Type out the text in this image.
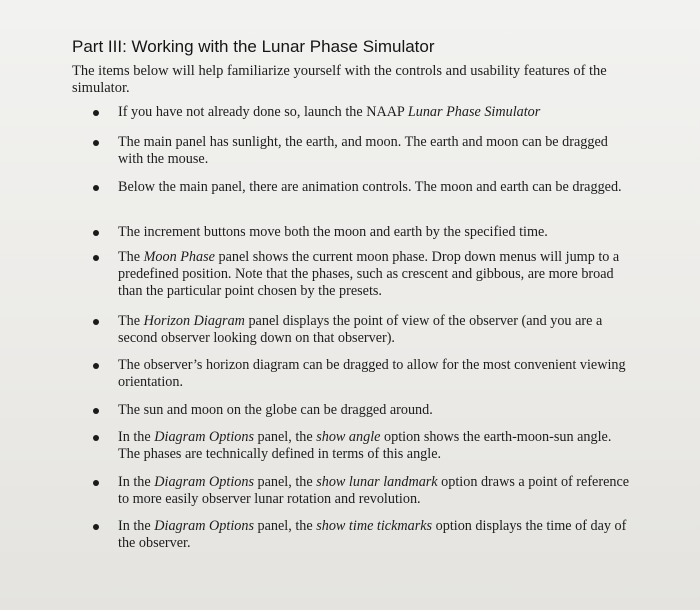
Part III: Working with the Lunar Phase Simulator
The items below will help familiarize yourself with the controls and usability features of the simulator.
If you have not already done so, launch the NAAP Lunar Phase Simulator
The main panel has sunlight, the earth, and moon. The earth and moon can be dragged with the mouse.
Below the main panel, there are animation controls. The moon and earth can be dragged.
The increment buttons move both the moon and earth by the specified time.
The Moon Phase panel shows the current moon phase. Drop down menus will jump to a predefined position. Note that the phases, such as crescent and gibbous, are more broad than the particular point chosen by the presets.
The Horizon Diagram panel displays the point of view of the observer (and you are a second observer looking down on that observer).
The observer’s horizon diagram can be dragged to allow for the most convenient viewing orientation.
The sun and moon on the globe can be dragged around.
In the Diagram Options panel, the show angle option shows the earth-moon-sun angle. The phases are technically defined in terms of this angle.
In the Diagram Options panel, the show lunar landmark option draws a point of reference to more easily observer lunar rotation and revolution.
In the Diagram Options panel, the show time tickmarks option displays the time of day of the observer.
